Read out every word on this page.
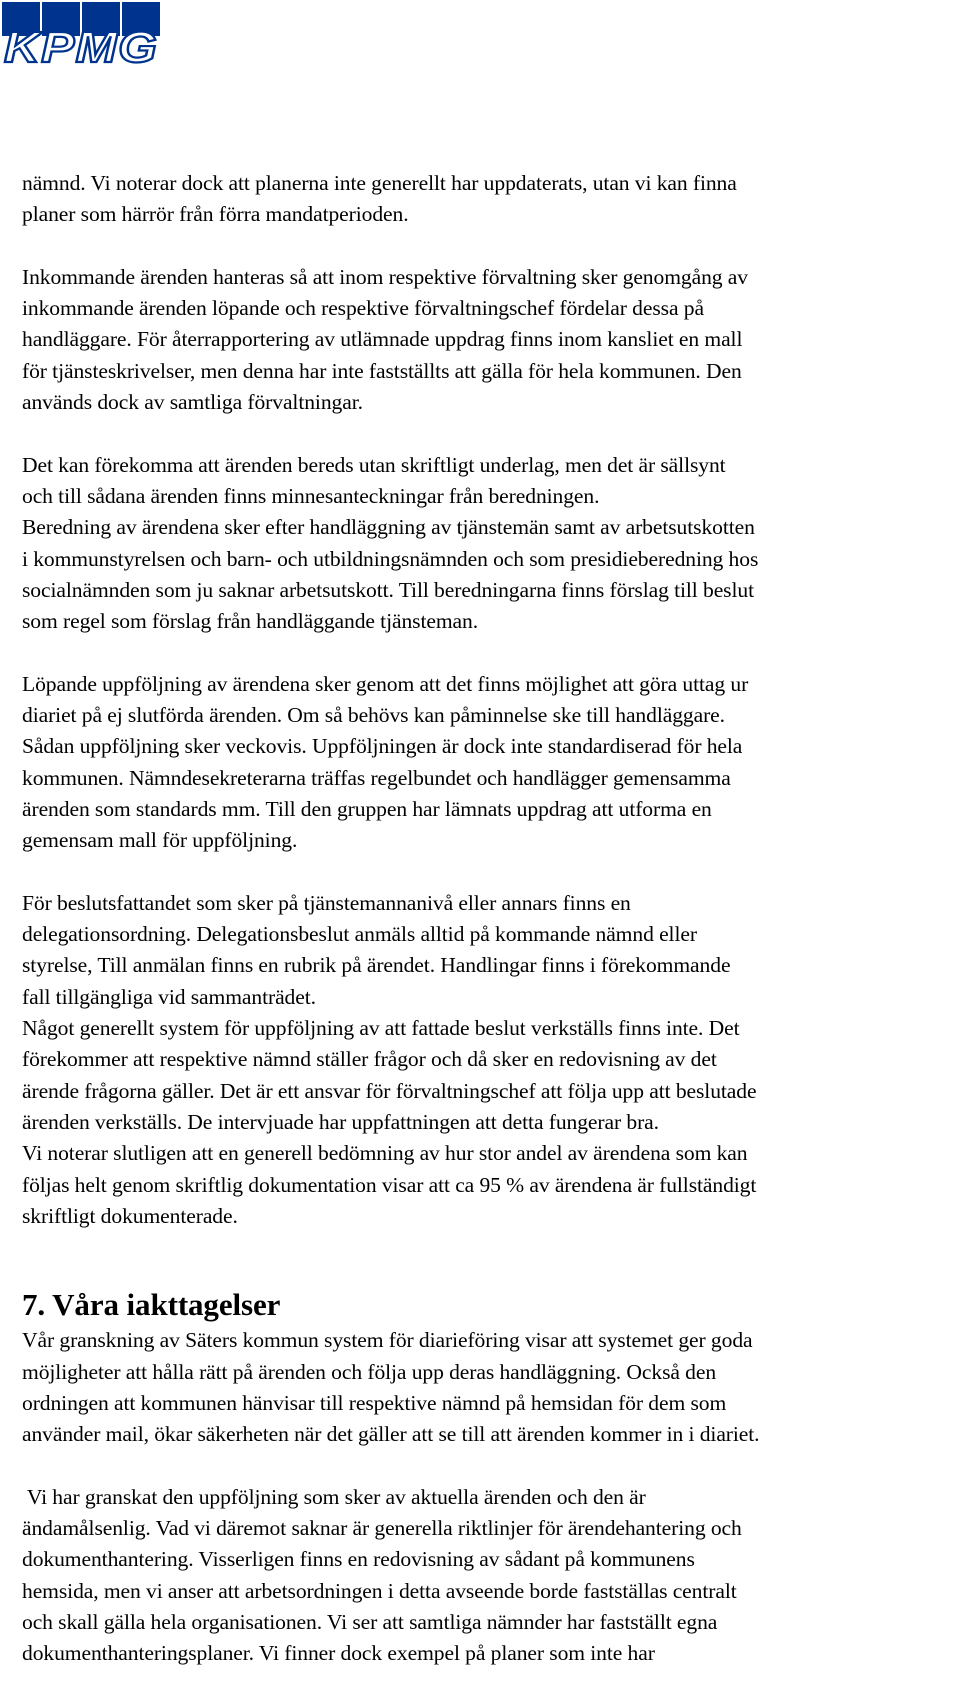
KPMG
nämnd. Vi noterar dock att planerna inte generellt har uppdaterats, utan vi kan finna
planer som härrör från förra mandatperioden.
Inkommande ärenden hanteras så att inom respektive förvaltning sker genomgång av
inkommande ärenden löpande och respektive förvaltningschef fördelar dessa på
handläggare. För återrapportering av utlämnade uppdrag finns inom kansliet en mall
för tjänsteskrivelser, men denna har inte fastställts att gälla för hela kommunen. Den
används dock av samtliga förvaltningar.
Det kan förekomma att ärenden bereds utan skriftligt underlag, men det är sällsynt
och till sådana ärenden finns minnesanteckningar från beredningen.
Beredning av ärendena sker efter handläggning av tjänstemän samt av arbetsutskotten
i kommunstyrelsen och barn- och utbildningsnämnden och som presidieberedning hos
socialnämnden som ju saknar arbetsutskott. Till beredningarna finns förslag till beslut
som regel som förslag från handläggande tjänsteman.
Löpande uppföljning av ärendena sker genom att det finns möjlighet att göra uttag ur
diariet på ej slutförda ärenden. Om så behövs kan påminnelse ske till handläggare.
Sådan uppföljning sker veckovis. Uppföljningen är dock inte standardiserad för hela
kommunen. Nämndesekreterarna träffas regelbundet och handlägger gemensamma
ärenden som standards mm. Till den gruppen har lämnats uppdrag att utforma en
gemensam mall för uppföljning.
För beslutsfattandet som sker på tjänstemannanivå eller annars finns en
delegationsordning. Delegationsbeslut anmäls alltid på kommande nämnd eller
styrelse, Till anmälan finns en rubrik på ärendet. Handlingar finns i förekommande
fall tillgängliga vid sammanträdet.
Något generellt system för uppföljning av att fattade beslut verkställs finns inte. Det
förekommer att respektive nämnd ställer frågor och då sker en redovisning av det
ärende frågorna gäller. Det är ett ansvar för förvaltningschef att följa upp att beslutade
ärenden verkställs. De intervjuade har uppfattningen att detta fungerar bra.
Vi noterar slutligen att en generell bedömning av hur stor andel av ärendena som kan
följas helt genom skriftlig dokumentation visar att ca 95 % av ärendena är fullständigt
skriftligt dokumenterade.
7. Våra iakttagelser
Vår granskning av Säters kommun system för diarieföring visar att systemet ger goda
möjligheter att hålla rätt på ärenden och följa upp deras handläggning. Också den
ordningen att kommunen hänvisar till respektive nämnd på hemsidan för dem som
använder mail, ökar säkerheten när det gäller att se till att ärenden kommer in i diariet.
Vi har granskat den uppföljning som sker av aktuella ärenden och den är
ändamålsenlig. Vad vi däremot saknar är generella riktlinjer för ärendehantering och
dokumenthantering. Visserligen finns en redovisning av sådant på kommunens
hemsida, men vi anser att arbetsordningen i detta avseende borde fastställas centralt
och skall gälla hela organisationen. Vi ser att samtliga nämnder har fastställt egna
dokumenthanteringsplaner. Vi finner dock exempel på planer som inte har
